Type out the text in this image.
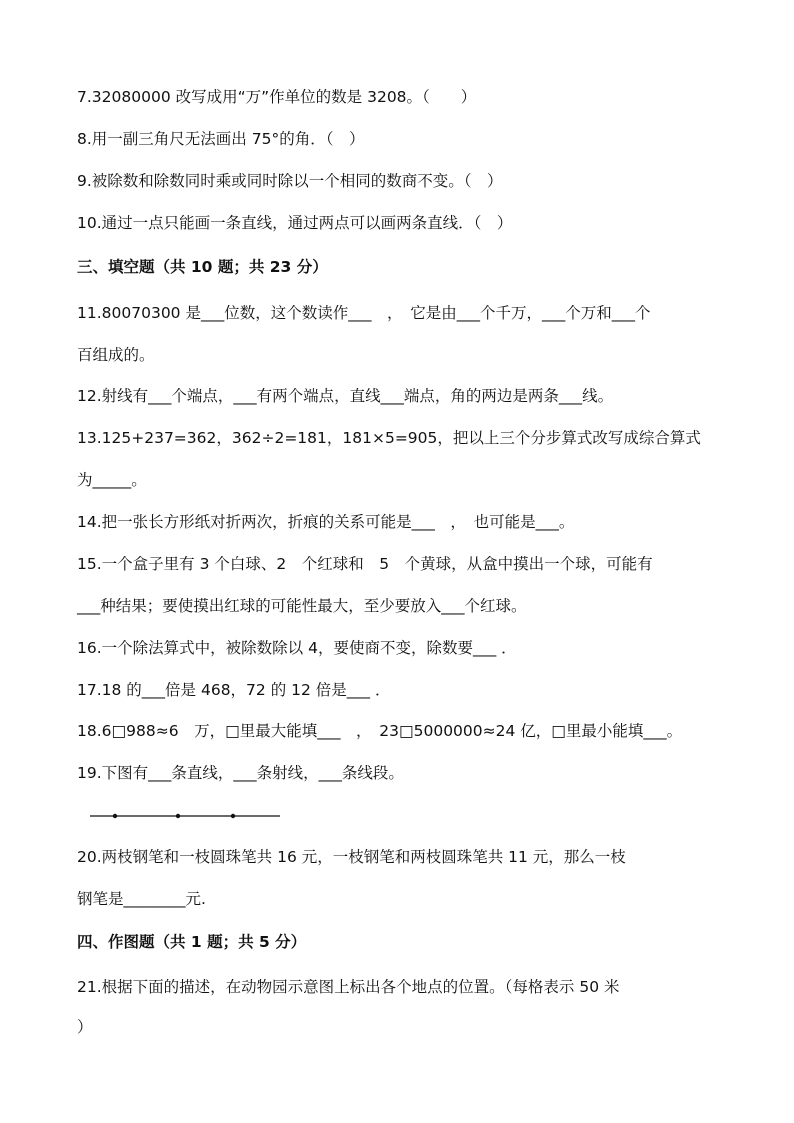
7.32080000 改写成用“万”作单位的数是 3208。（　　）
8.用一副三角尺无法画出 75°的角．（　）
9.被除数和除数同时乘或同时除以一个相同的数商不变。（　）
10.通过一点只能画一条直线，通过两点可以画两条直线．（　）
三、填空题（共 10 题；共 23 分）
11.80070300 是___位数，这个数读作___　，　它是由___个千万，___个万和___个
百组成的。
12.射线有___个端点，___有两个端点，直线___端点，角的两边是两条___线。
13.125+237=362，362÷2=181，181×5=905，把以上三个分步算式改写成综合算式
为_____。
14.把一张长方形纸对折两次，折痕的关系可能是___　，　也可能是___。
15.一个盒子里有 3 个白球、2　个红球和　5　个黄球，从盒中摸出一个球，可能有
___种结果；要使摸出红球的可能性最大，至少要放入___个红球。
16.一个除法算式中，被除数除以 4，要使商不变，除数要___ ．
17.18 的___倍是 468，72 的 12 倍是___ ．
18.6□988≈6　万，□里最大能填___　，　23□5000000≈24 亿，□里最小能填___。
19.下图有___条直线，___条射线，___条线段。
20.两枝钢笔和一枝圆珠笔共 16 元，一枝钢笔和两枝圆珠笔共 11 元，那么一枝
钢笔是________元.
四、作图题（共 1 题；共 5 分）
21.根据下面的描述，在动物园示意图上标出各个地点的位置。（每格表示 50 米
）
